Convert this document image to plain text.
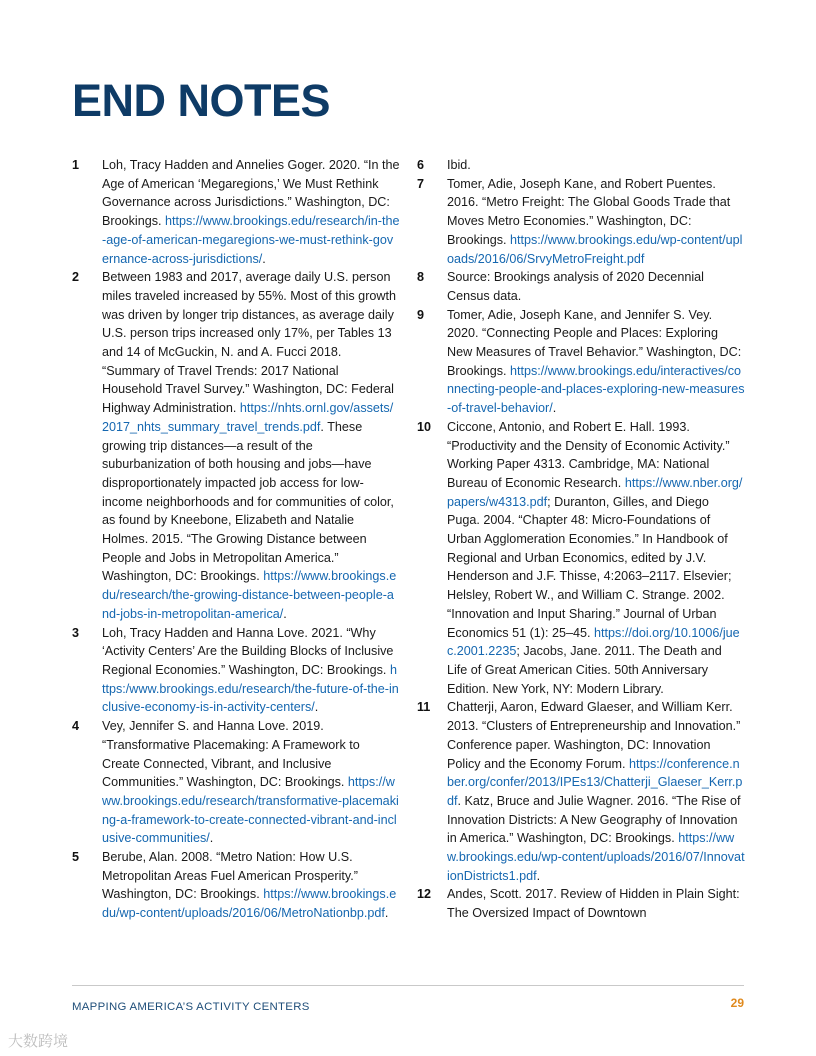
END NOTES
1 Loh, Tracy Hadden and Annelies Goger. 2020. “In the Age of American ‘Megaregions,’ We Must Rethink Governance across Jurisdictions.” Washington, DC: Brookings. https://www.brookings.edu/research/in-the-age-of-american-megaregions-we-must-rethink-governance-across-jurisdictions/.
2 Between 1983 and 2017, average daily U.S. person miles traveled increased by 55%. Most of this growth was driven by longer trip distances, as average daily U.S. person trips increased only 17%, per Tables 13 and 14 of McGuckin, N. and A. Fucci 2018. “Summary of Travel Trends: 2017 National Household Travel Survey.” Washington, DC: Federal Highway Administration. https://nhts.ornl.gov/assets/2017_nhts_summary_travel_trends.pdf. These growing trip distances—a result of the suburbanization of both housing and jobs—have disproportionately impacted job access for low-income neighborhoods and for communities of color, as found by Kneebone, Elizabeth and Natalie Holmes. 2015. “The Growing Distance between People and Jobs in Metropolitan America.” Washington, DC: Brookings. https://www.brookings.edu/research/the-growing-distance-between-people-and-jobs-in-metropolitan-america/.
3 Loh, Tracy Hadden and Hanna Love. 2021. “Why ‘Activity Centers’ Are the Building Blocks of Inclusive Regional Economies.” Washington, DC: Brookings. https:/www.brookings.edu/research/the-future-of-the-inclusive-economy-is-in-activity-centers/.
4 Vey, Jennifer S. and Hanna Love. 2019. “Transformative Placemaking: A Framework to Create Connected, Vibrant, and Inclusive Communities.” Washington, DC: Brookings. https://www.brookings.edu/research/transformative-placemaking-a-framework-to-create-connected-vibrant-and-inclusive-communities/.
5 Berube, Alan. 2008. “Metro Nation: How U.S. Metropolitan Areas Fuel American Prosperity.” Washington, DC: Brookings. https://www.brookings.edu/wp-content/uploads/2016/06/MetroNationbp.pdf.
6 Ibid.
7 Tomer, Adie, Joseph Kane, and Robert Puentes. 2016. “Metro Freight: The Global Goods Trade that Moves Metro Economies.” Washington, DC: Brookings. https://www.brookings.edu/wp-content/uploads/2016/06/SrvyMetroFreight.pdf
8 Source: Brookings analysis of 2020 Decennial Census data.
9 Tomer, Adie, Joseph Kane, and Jennifer S. Vey. 2020. “Connecting People and Places: Exploring New Measures of Travel Behavior.” Washington, DC: Brookings. https://www.brookings.edu/interactives/connecting-people-and-places-exploring-new-measures-of-travel-behavior/.
10 Ciccone, Antonio, and Robert E. Hall. 1993. “Productivity and the Density of Economic Activity.” Working Paper 4313. Cambridge, MA: National Bureau of Economic Research. https://www.nber.org/papers/w4313.pdf; Duranton, Gilles, and Diego Puga. 2004. “Chapter 48: Micro-Foundations of Urban Agglomeration Economies.” In Handbook of Regional and Urban Economics, edited by J.V. Henderson and J.F. Thisse, 4:2063–2117. Elsevier; Helsley, Robert W., and William C. Strange. 2002. “Innovation and Input Sharing.” Journal of Urban Economics 51 (1): 25–45. https://doi.org/10.1006/juec.2001.2235; Jacobs, Jane. 2011. The Death and Life of Great American Cities. 50th Anniversary Edition. New York, NY: Modern Library.
11 Chatterji, Aaron, Edward Glaeser, and William Kerr. 2013. “Clusters of Entrepreneurship and Innovation.” Conference paper. Washington, DC: Innovation Policy and the Economy Forum. https://conference.nber.org/confer/2013/IPEs13/Chatterji_Glaeser_Kerr.pdf. Katz, Bruce and Julie Wagner. 2016. “The Rise of Innovation Districts: A New Geography of Innovation in America.” Washington, DC: Brookings. https://www.brookings.edu/wp-content/uploads/2016/07/InnovationDistricts1.pdf.
12 Andes, Scott. 2017. Review of Hidden in Plain Sight: The Oversized Impact of Downtown
MAPPING AMERICA’S ACTIVITY CENTERS	29
大数跨境
